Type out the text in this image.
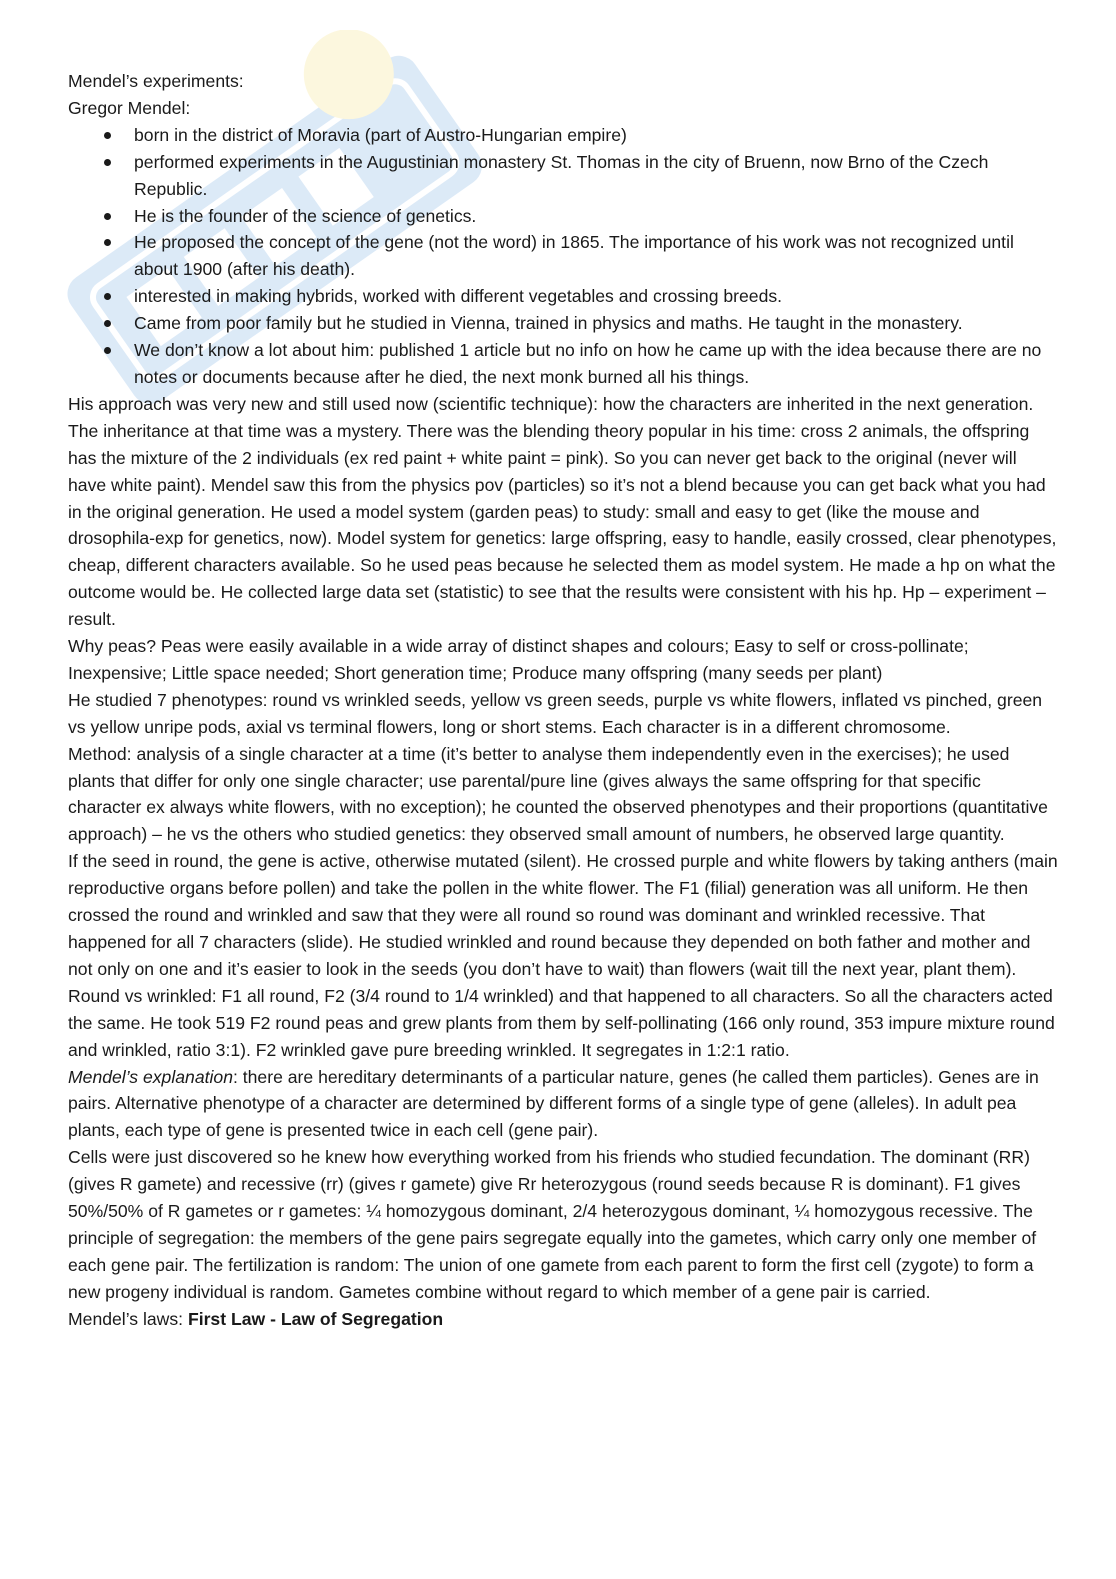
Mendel’s experiments:

Gregor Mendel:

born in the district of Moravia (part of Austro-Hungarian empire)
performed experiments in the Augustinian monastery St. Thomas in the city of Bruenn, now Brno of the Czech Republic.
He is the founder of the science of genetics.
He proposed the concept of the gene (not the word) in 1865. The importance of his work was not recognized until about 1900 (after his death).
interested in making hybrids, worked with different vegetables and crossing breeds.
Came from poor family but he studied in Vienna, trained in physics and maths. He taught in the monastery.
We don’t know a lot about him: published 1 article but no info on how he came up with the idea because there are no notes or documents because after he died, the next monk burned all his things.

His approach was very new and still used now (scientific technique): how the characters are inherited in the next generation. The inheritance at that time was a mystery. There was the blending theory popular in his time: cross 2 animals, the offspring has the mixture of the 2 individuals (ex red paint + white paint = pink). So you can never get back to the original (never will have white paint). Mendel saw this from the physics pov (particles) so it’s not a blend because you can get back what you had in the original generation. He used a model system (garden peas) to study: small and easy to get (like the mouse and drosophila-exp for genetics, now). Model system for genetics: large offspring, easy to handle, easily crossed, clear phenotypes, cheap, different characters available. So he used peas because he selected them as model system. He made a hp on what the outcome would be. He collected large data set (statistic) to see that the results were consistent with his hp. Hp – experiment – result.

Why peas? Peas were easily available in a wide array of distinct shapes and colours; Easy to self or cross-pollinate; Inexpensive; Little space needed; Short generation time; Produce many offspring (many seeds per plant)

He studied 7 phenotypes: round vs wrinkled seeds, yellow vs green seeds, purple vs white flowers, inflated vs pinched, green vs yellow unripe pods, axial vs terminal flowers, long or short stems. Each character is in a different chromosome.

Method: analysis of a single character at a time (it’s better to analyse them independently even in the exercises); he used plants that differ for only one single character; use parental/pure line (gives always the same offspring for that specific character ex always white flowers, with no exception); he counted the observed phenotypes and their proportions (quantitative approach) – he vs the others who studied genetics: they observed small amount of numbers, he observed large quantity.

If the seed in round, the gene is active, otherwise mutated (silent). He crossed purple and white flowers by taking anthers (main reproductive organs before pollen) and take the pollen in the white flower. The F1 (filial) generation was all uniform. He then crossed the round and wrinkled and saw that they were all round so round was dominant and wrinkled recessive. That happened for all 7 characters (slide). He studied wrinkled and round because they depended on both father and mother and not only on one and it’s easier to look in the seeds (you don’t have to wait) than flowers (wait till the next year, plant them).

Round vs wrinkled: F1 all round, F2 (3/4 round to 1/4 wrinkled) and that happened to all characters. So all the characters acted the same. He took 519 F2 round peas and grew plants from them by self-pollinating (166 only round, 353 impure mixture round and wrinkled, ratio 3:1). F2 wrinkled gave pure breeding wrinkled. It segregates in 1:2:1 ratio.

Mendel’s explanation: there are hereditary determinants of a particular nature, genes (he called them particles). Genes are in pairs. Alternative phenotype of a character are determined by different forms of a single type of gene (alleles). In adult pea plants, each type of gene is presented twice in each cell (gene pair).

Cells were just discovered so he knew how everything worked from his friends who studied fecundation. The dominant (RR) (gives R gamete) and recessive (rr) (gives r gamete) give Rr heterozygous (round seeds because R is dominant). F1 gives 50%/50% of R gametes or r gametes: ¼ homozygous dominant, 2/4 heterozygous dominant, ¼ homozygous recessive. The principle of segregation: the members of the gene pairs segregate equally into the gametes, which carry only one member of each gene pair. The fertilization is random: The union of one gamete from each parent to form the first cell (zygote) to form a new progeny individual is random. Gametes combine without regard to which member of a gene pair is carried.

Mendel’s laws: First Law - Law of Segregation
